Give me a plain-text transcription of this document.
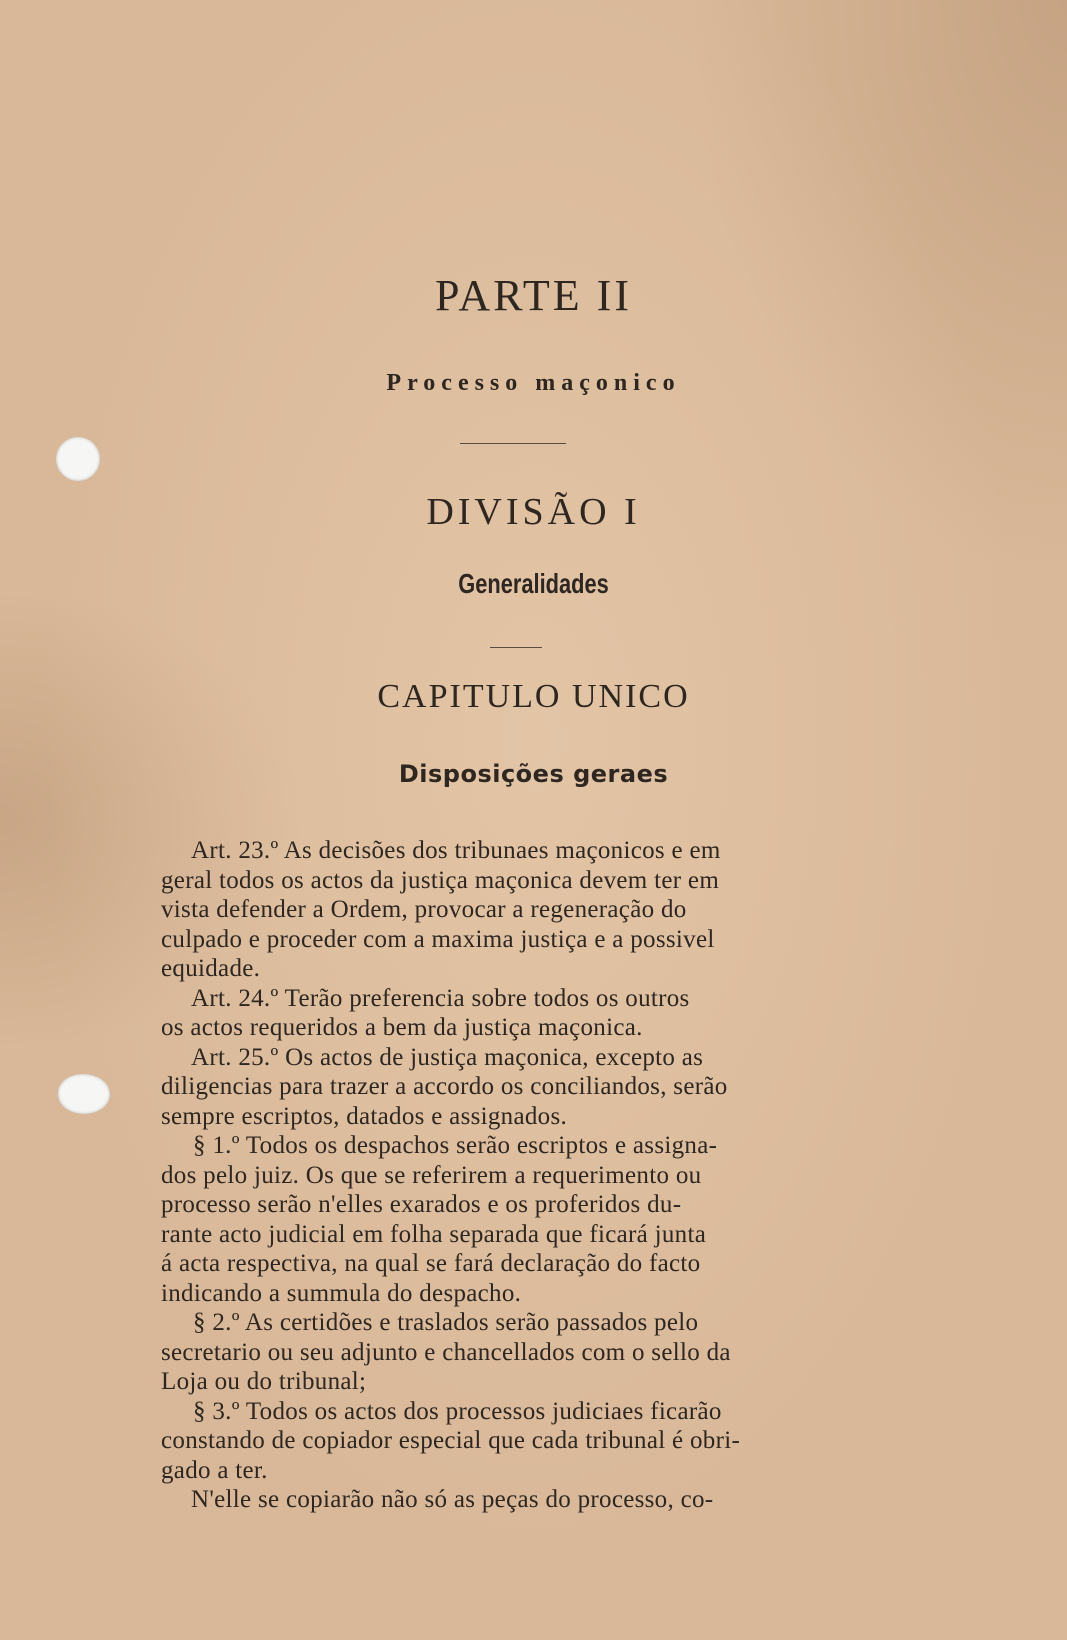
PARTE II
Processo maçonico
DIVISÃO I
Generalidades
CAPITULO UNICO
Disposições geraes

Art. 23.º As decisões dos tribunaes maçonicos e em

geral todos os actos da justiça maçonica devem ter em

vista defender a Ordem, provocar a regeneração do

culpado e proceder com a maxima justiça e a possivel

equidade.

Art. 24.º Terão preferencia sobre todos os outros

os actos requeridos a bem da justiça maçonica.

Art. 25.º Os actos de justiça maçonica, excepto as

diligencias para trazer a accordo os conciliandos, serão

sempre escriptos, datados e assignados.

§ 1.º Todos os despachos serão escriptos e assigna-

dos pelo juiz. Os que se referirem a requerimento ou

processo serão n'elles exarados e os proferidos du-

rante acto judicial em folha separada que ficará junta

á acta respectiva, na qual se fará declaração do facto

indicando a summula do despacho.

§ 2.º As certidões e traslados serão passados pelo

secretario ou seu adjunto e chancellados com o sello da

Loja ou do tribunal;

§ 3.º Todos os actos dos processos judiciaes ficarão

constando de copiador especial que cada tribunal é obri-

gado a ter.

N'elle se copiarão não só as peças do processo, co-
